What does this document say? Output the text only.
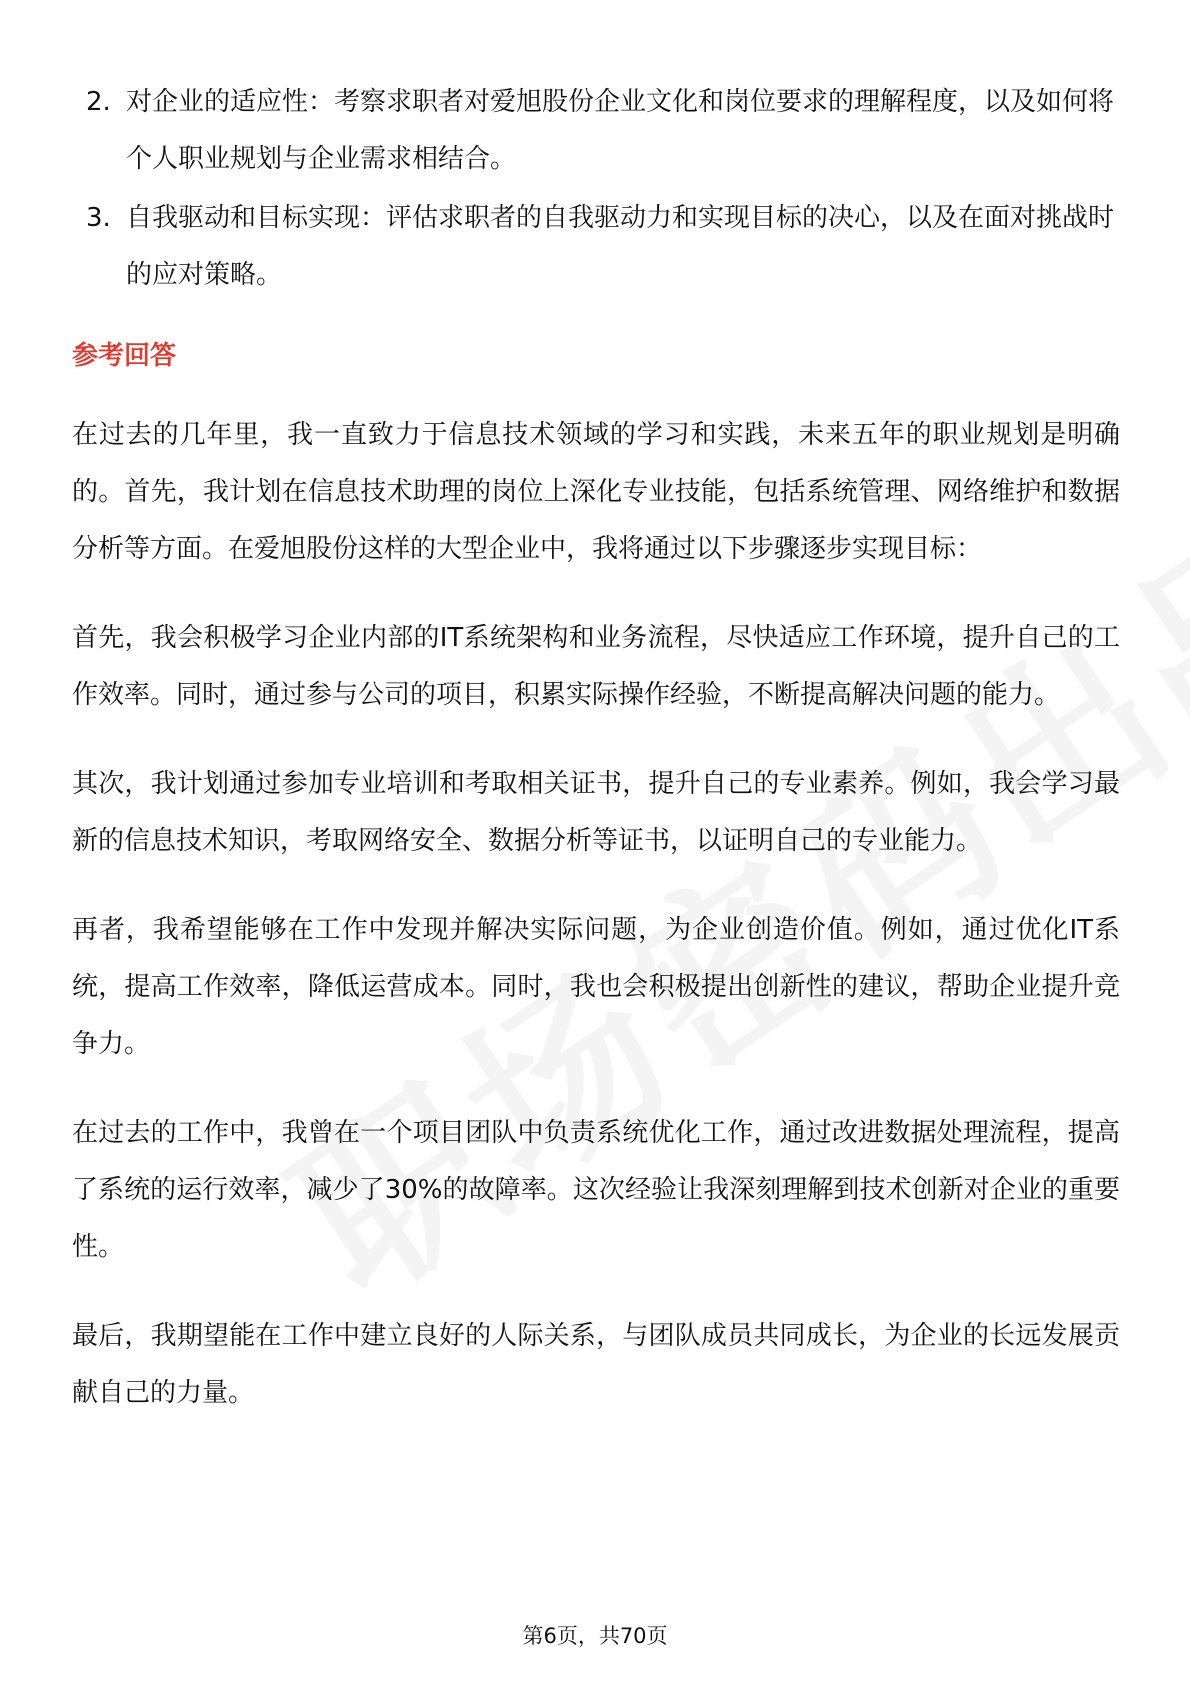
2. 对企业的适应性：考察求职者对爱旭股份企业文化和岗位要求的理解程度，以及如何将个人职业规划与企业需求相结合。
3. 自我驱动和目标实现：评估求职者的自我驱动力和实现目标的决心，以及在面对挑战时的应对策略。
参考回答

在过去的几年里，我一直致力于信息技术领域的学习和实践，未来五年的职业规划是明确的。首先，我计划在信息技术助理的岗位上深化专业技能，包括系统管理、网络维护和数据分析等方面。在爱旭股份这样的大型企业中，我将通过以下步骤逐步实现目标：

首先，我会积极学习企业内部的IT系统架构和业务流程，尽快适应工作环境，提升自己的工作效率。同时，通过参与公司的项目，积累实际操作经验，不断提高解决问题的能力。

其次，我计划通过参加专业培训和考取相关证书，提升自己的专业素养。例如，我会学习最新的信息技术知识，考取网络安全、数据分析等证书，以证明自己的专业能力。

再者，我希望能够在工作中发现并解决实际问题，为企业创造价值。例如，通过优化IT系统，提高工作效率，降低运营成本。同时，我也会积极提出创新性的建议，帮助企业提升竞争力。

在过去的工作中，我曾在一个项目团队中负责系统优化工作，通过改进数据处理流程，提高了系统的运行效率，减少了30%的故障率。这次经验让我深刻理解到技术创新对企业的重要性。

最后，我期望能在工作中建立良好的人际关系，与团队成员共同成长，为企业的长远发展贡献自己的力量。

第6页，共70页
